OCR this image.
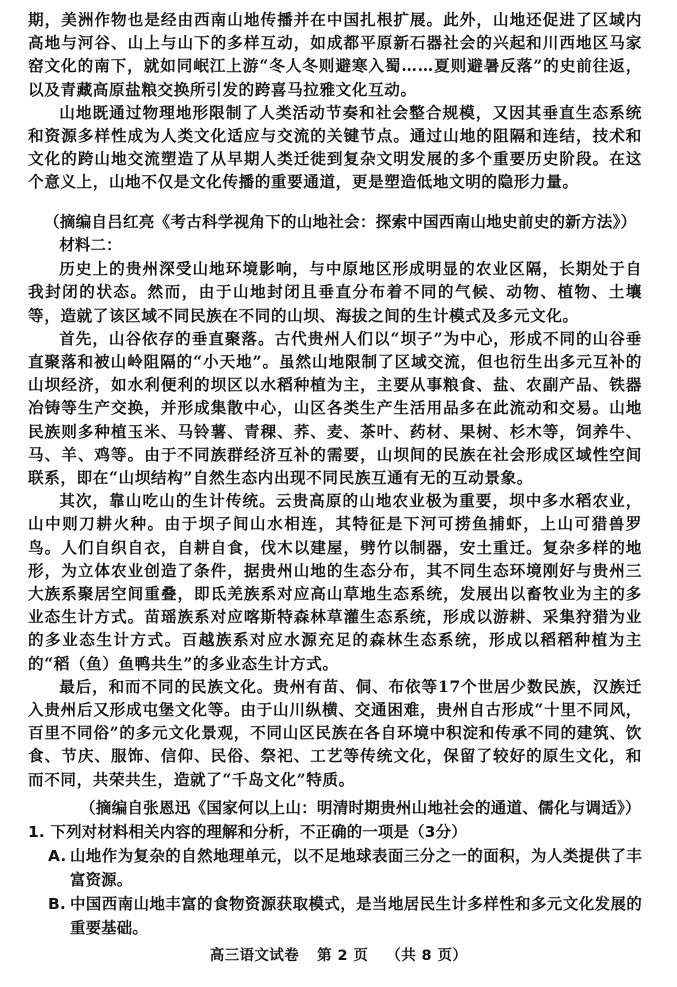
期，美洲作物也是经由西南山地传播并在中国扎根扩展。此外，山地还促进了区域内高地与河谷、山上与山下的多样互动，如成都平原新石器社会的兴起和川西地区马家窑文化的南下，就如同岷江上游“冬人冬则避寒入蜀……夏则避暑反落”的史前往返，以及青藏高原盐粮交换所引发的跨喜马拉雅文化互动。

山地既通过物理地形限制了人类活动节奏和社会整合规模，又因其垂直生态系统和资源多样性成为人类文化适应与交流的关键节点。通过山地的阻隔和连结，技术和文化的跨山地交流塑造了从早期人类迁徙到复杂文明发展的多个重要历史阶段。在这个意义上，山地不仅是文化传播的重要通道，更是塑造低地文明的隐形力量。

（摘编自吕红亮《考古科学视角下的山地社会：探索中国西南山地史前史的新方法》）

材料二：

历史上的贵州深受山地环境影响，与中原地区形成明显的农业区隔，长期处于自我封闭的状态。然而，由于山地封闭且垂直分布着不同的气候、动物、植物、土壤等，造就了该区域不同民族在不同的山坝、海拔之间的生计模式及多元文化。

首先，山谷依存的垂直聚落。古代贵州人们以“坝子”为中心，形成不同的山谷垂直聚落和被山岭阻隔的“小天地”。虽然山地限制了区域交流，但也衍生出多元互补的山坝经济，如水利便利的坝区以水稻种植为主，主要从事粮食、盐、农副产品、铁器冶铸等生产交换，并形成集散中心，山区各类生产生活用品多在此流动和交易。山地民族则多种植玉米、马铃薯、青稞、荞、麦、茶叶、药材、果树、杉木等，饲养牛、马、羊、鸡等。由于不同族群经济互补的需要，山坝间的民族在社会形成区域性空间联系，即在“山坝结构”自然生态内出现不同民族互通有无的互动景象。

其次，靠山吃山的生计传统。云贵高原的山地农业极为重要，坝中多水稻农业，山中则刀耕火种。由于坝子间山水相连，其特征是下河可捞鱼捕虾，上山可猎兽罗鸟。人们自织自衣，自耕自食，伐木以建屋，劈竹以制器，安土重迁。复杂多样的地形，为立体农业创造了条件，据贵州山地的生态分布，其不同生态环境刚好与贵州三大族系聚居空间重叠，即氐羌族系对应高山草地生态系统，发展出以畜牧业为主的多业态生计方式。苗瑶族系对应喀斯特森林草灌生态系统，形成以游耕、采集狩猎为业的多业态生计方式。百越族系对应水源充足的森林生态系统，形成以稻稻种植为主的“稻（鱼）鱼鸭共生”的多业态生计方式。

最后，和而不同的民族文化。贵州有苗、侗、布依等17个世居少数民族，汉族迁入贵州后又形成屯堡文化等。由于山川纵横、交通困难，贵州自古形成“十里不同风，百里不同俗”的多元文化景观，不同山区民族在各自环境中积淀和传承不同的建筑、饮食、节庆、服饰、信仰、民俗、祭祀、工艺等传统文化，保留了较好的原生文化，和而不同，共荣共生，造就了“千岛文化”特质。

（摘编自张恩迅《国家何以上山：明清时期贵州山地社会的通道、儒化与调适》）

1. 下列对材料相关内容的理解和分析，不正确的一项是（3分）

A. 山地作为复杂的自然地理单元，以不足地球表面三分之一的面积，为人类提供了丰富资源。
B. 中国西南山地丰富的食物资源获取模式，是当地居民生计多样性和多元文化发展的重要基础。
高三语文试卷 第 2 页 （共 8 页）
